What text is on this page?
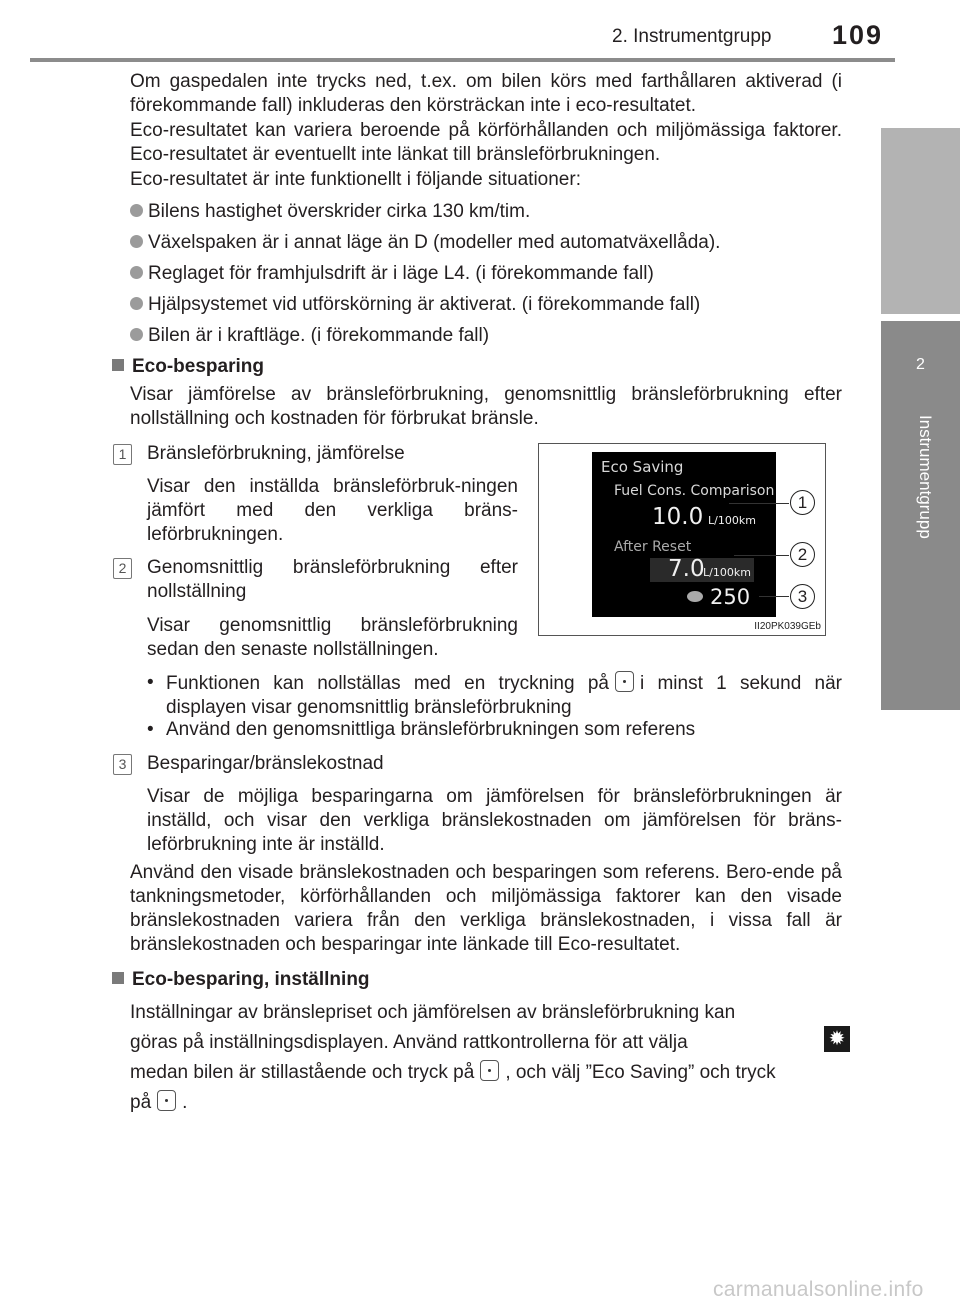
2. Instrumentgrupp 109
2
Instrumentgrupp
Om gaspedalen inte trycks ned, t.ex. om bilen körs med farthållaren aktiverad (i förekommande fall) inkluderas den körsträckan inte i eco-resultatet.
Eco-resultatet kan variera beroende på körförhållanden och miljömässiga faktorer. Eco-resultatet är eventuellt inte länkat till bränsleförbrukningen.
Eco-resultatet är inte funktionellt i följande situationer:
Bilens hastighet överskrider cirka 130 km/tim.
Växelspaken är i annat läge än D (modeller med automatväxellåda).
Reglaget för framhjulsdrift är i läge L4. (i förekommande fall)
Hjälpsystemet vid utförskörning är aktiverat. (i förekommande fall)
Bilen är i kraftläge. (i förekommande fall)
Eco-besparing
Visar jämförelse av bränsleförbrukning, genomsnittlig bränsleförbrukning efter nollställning och kostnaden för förbrukat bränsle.
1 Bränsleförbrukning, jämförelse
Visar den inställda bränsleförbruk-ningen jämfört med den verkliga bräns-leförbrukningen.
2 Genomsnittlig bränsleförbrukning efter nollställning
Visar genomsnittlig bränsleförbrukning sedan den senaste nollställningen.
• Funktionen kan nollställas med en tryckning på i minst 1 sekund när displayen visar genomsnittlig bränsleförbrukning
• Använd den genomsnittliga bränsleförbrukningen som referens
3 Besparingar/bränslekostnad
Visar de möjliga besparingarna om jämförelsen för bränsleförbrukningen är inställd, och visar den verkliga bränslekostnaden om jämförelsen för bräns-leförbrukning inte är inställd.
Använd den visade bränslekostnaden och besparingen som referens. Bero-ende på tankningsmetoder, körförhållanden och miljömässiga faktorer kan den visade bränslekostnaden variera från den verkliga bränslekostnaden, i vissa fall är bränslekostnaden och besparingar inte länkade till Eco-resultatet.
Eco-besparing, inställning
Inställningar av bränslepriset och jämförelsen av bränsleförbrukning kan
göras på inställningsdisplayen. Använd rattkontrollerna för att välja	✹
medan bilen är stillastående och tryck på , och välj ”Eco Saving” och tryck
på .
Eco Saving
Fuel Cons. Comparison
10.0 L/100km
After Reset
7.0
L/100km
250
1
2
3
II20PK039GEb
carmanualsonline.info
